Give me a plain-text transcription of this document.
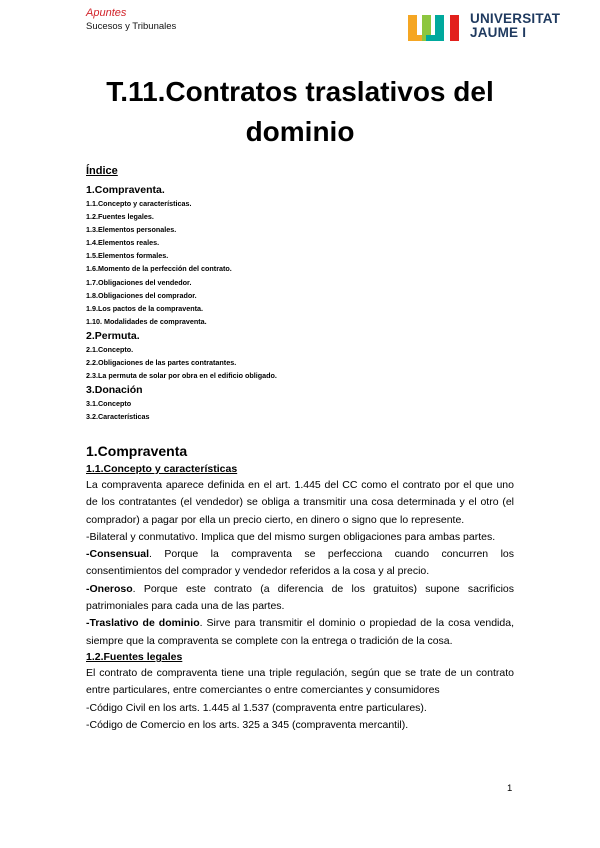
Apuntes
Sucesos y Tribunales
UNIVERSITAT
JAUME I
T.11.Contratos traslativos del
dominio
Índice
1.Compraventa.
1.1.Concepto y características.
1.2.Fuentes legales.
1.3.Elementos personales.
1.4.Elementos reales.
1.5.Elementos formales.
1.6.Momento de la perfección del contrato.
1.7.Obligaciones del vendedor.
1.8.Obligaciones del comprador.
1.9.Los pactos de la compraventa.
1.10. Modalidades de compraventa.
2.Permuta.
2.1.Concepto.
2.2.Obligaciones de las partes contratantes.
2.3.La permuta de solar por obra en el edificio obligado.
3.Donación
3.1.Concepto
3.2.Características
1.Compraventa
1.1.Concepto y características

La compraventa aparece definida en el art. 1.445 del CC como el contrato por el que uno de los contratantes (el vendedor) se obliga a transmitir una cosa determinada y el otro (el comprador) a pagar por ella un precio cierto, en dinero o signo que lo represente.

-Bilateral y conmutativo. Implica que del mismo surgen obligaciones para ambas partes.

-Consensual. Porque la compraventa se perfecciona cuando concurren los consentimientos del comprador y vendedor referidos a la cosa y al precio.

-Oneroso. Porque este contrato (a diferencia de los gratuitos) supone sacrificios patrimoniales para cada una de las partes.

-Traslativo de dominio. Sirve para transmitir el dominio o propiedad de la cosa vendida, siempre que la compraventa se complete con la entrega o tradición de la cosa.

1.2.Fuentes legales

El contrato de compraventa tiene una triple regulación, según que se trate de un contrato entre particulares, entre comerciantes o entre comerciantes y consumidores

-Código Civil en los arts. 1.445 al 1.537 (compraventa entre particulares).

-Código de Comercio en los arts. 325 a 345 (compraventa mercantil).

1
